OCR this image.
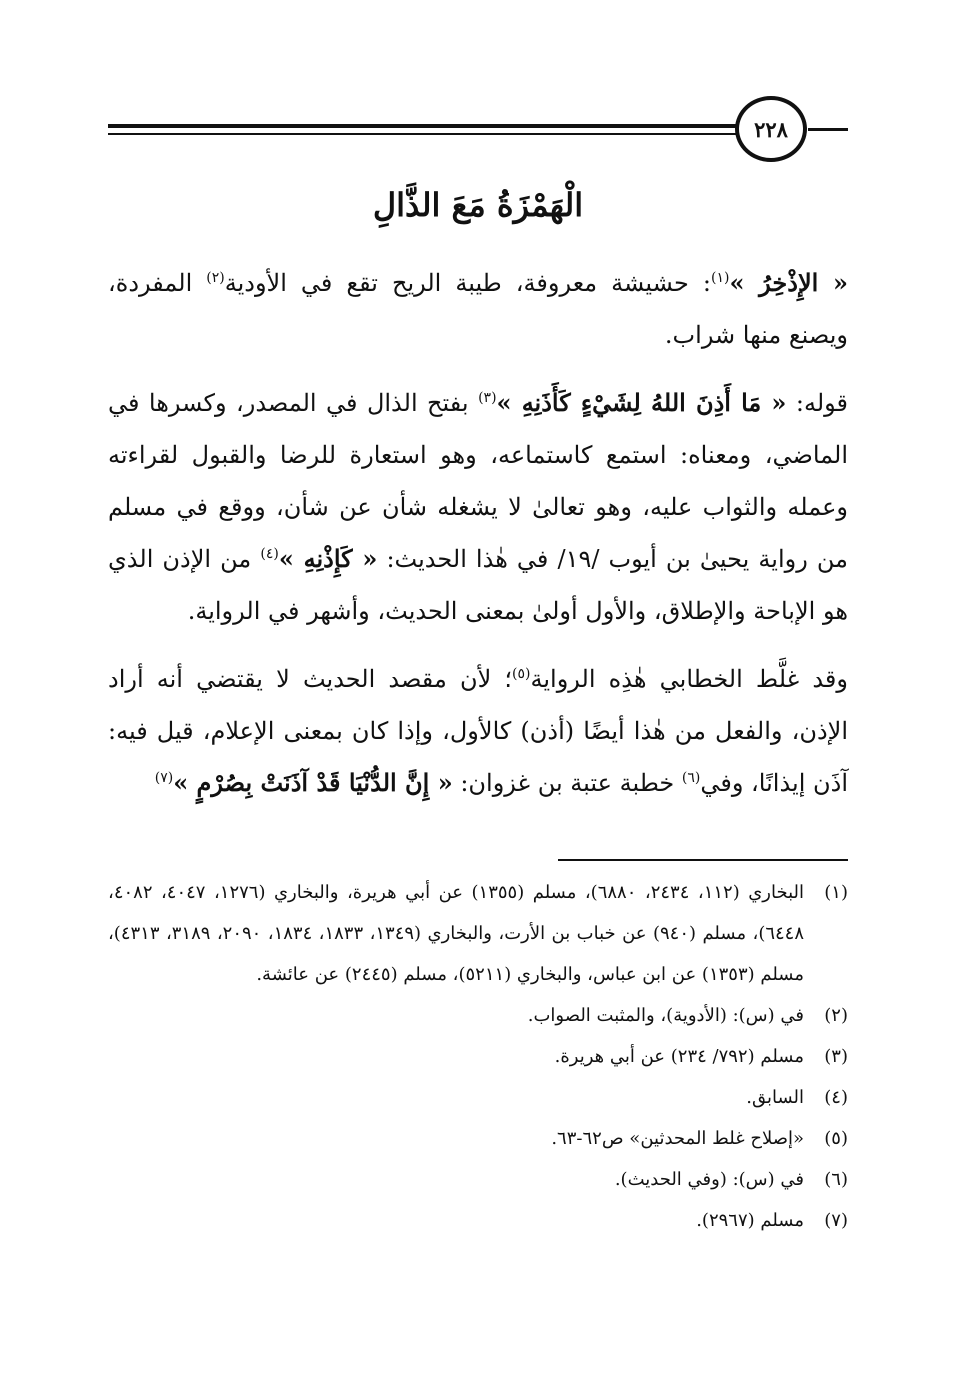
٢٢٨
الْهَمْزَةُ مَعَ الذَّالِ

« الإِذْخِرُ »$^{(١)}$: حشيشة معروفة، طيبة الريح تقع في الأودية$^{(٢)}$ المفردة، ويصنع منها شراب.

قوله: « مَا أَذِنَ اللهُ لِشَيْءٍ كَأَذَنِهِ »$^{(٣)}$ بفتح الذال في المصدر، وكسرها في الماضي، ومعناه: استمع كاستماعه، وهو استعارة للرضا والقبول لقراءته وعمله والثواب عليه، وهو تعالىٰ لا يشغله شأن عن شأن، ووقع في مسلم من رواية يحيىٰ بن أيوب /١٩/ في هٰذا الحديث: « كَإِذْنِهِ »$^{(٤)}$ من الإذن الذي هو الإباحة والإطلاق، والأول أولىٰ بمعنى الحديث، وأشهر في الرواية.

وقد غلَّط الخطابي هٰذِه الرواية$^{(٥)}$؛ لأن مقصد الحديث لا يقتضي أنه أراد الإذن، والفعل من هٰذا أيضًا (أذن) كالأول، وإذا كان بمعنى الإعلام، قيل فيه: آذَن إيذانًا، وفي$^{(٦)}$ خطبة عتبة بن غزوان: « إِنَّ الدُّنْيَا قَدْ آذَنَتْ بِصُرْمٍ »$^{(٧)}$

(١)
البخاري (١١٢، ٢٤٣٤، ٦٨٨٠)، مسلم (١٣٥٥) عن أبي هريرة، والبخاري (١٢٧٦، ٤٠٤٧، ٤٠٨٢، ٦٤٤٨)، مسلم (٩٤٠) عن خباب بن الأرت، والبخاري (١٣٤٩، ١٨٣٣، ١٨٣٤، ٢٠٩٠، ٣١٨٩، ٤٣١٣)، مسلم (١٣٥٣) عن ابن عباس، والبخاري (٥٢١١)، مسلم (٢٤٤٥) عن عائشة.
(٢)
في (س): (الأدوية)، والمثبت الصواب.
(٣)
مسلم (٧٩٢/ ٢٣٤) عن أبي هريرة.
(٤)
السابق.
(٥)
«إصلاح غلط المحدثين» ص٦٢-٦٣.
(٦)
في (س): (وفي الحديث).
(٧)
مسلم (٢٩٦٧).
